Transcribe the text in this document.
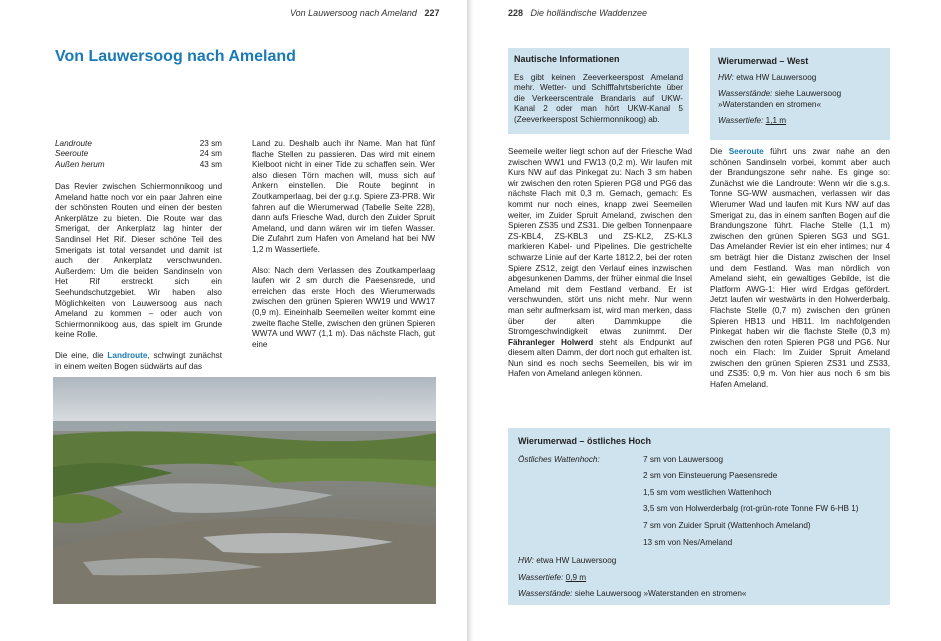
Von Lauwersoog nach Ameland 227
Von Lauwersoog nach Ameland
Landroute	23 sm
Seeroute	24 sm
Außen herum	43 sm

Das Revier zwischen Schiermonnikoog und Ameland hatte noch vor ein paar Jahren eine der schönsten Routen und einen der besten Ankerplätze zu bieten. Die Route war das Smerigat, der Ankerplatz lag hinter der Sandinsel Het Rif. Dieser schöne Teil des Smerigats ist total versandet und damit ist auch der Ankerplatz verschwunden. Außerdem: Um die beiden Sandinseln von Het Rif erstreckt sich ein Seehundschutzgebiet. Wir haben also Möglichkeiten von Lauwersoog aus nach Ameland zu kommen – oder auch von Schiermonnikoog aus, das spielt im Grunde keine Rolle.

Die eine, die Landroute, schwingt zunächst in einem weiten Bogen südwärts auf das

Land zu. Deshalb auch ihr Name. Man hat fünf flache Stellen zu passieren. Das wird mit einem Kielboot nicht in einer Tide zu schaffen sein. Wer also diesen Törn machen will, muss sich auf Ankern einstellen. Die Route beginnt in Zoutkamperlaag, bei der g.r.g. Spiere Z3-PR8. Wir fahren auf die Wierumerwad (Tabelle Seite 228), dann aufs Friesche Wad, durch den Zuider Spruit Ameland, und dann wären wir im tiefen Wasser. Die Zufahrt zum Hafen von Ameland hat bei NW 1,2 m Wassertiefe.

Also: Nach dem Verlassen des Zoutkamperlaag laufen wir 2 sm durch die Paesensrede, und erreichen das erste Hoch des Wierumerwads zwischen den grünen Spieren WW19 und WW17 (0,9 m). Eineinhalb Seemeilen weiter kommt eine zweite flache Stelle, zwischen den grünen Spieren WW7A und WW7 (1,1 m). Das nächste Flach, gut eine

228 Die holländische Waddenzee
Nautische Informationen
Es gibt keinen Zeeverkeerspost Ameland mehr. Wetter- und Schifffahrtsberichte über die Verkeerscentrale Brandaris auf UKW-Kanal 2 oder man hört UKW-Kanal 5 (Zeeverkeerspost Schiermonnikoog) ab.
Wierumerwad – West
HW: etwa HW Lauwersoog
Wasserstände: siehe Lauwersoog »Waterstanden en stromen«
Wassertiefe: 1,1 m
Seemeile weiter liegt schon auf der Friesche Wad zwischen WW1 und FW13 (0,2 m). Wir laufen mit Kurs NW auf das Pinkegat zu: Nach 3 sm haben wir zwischen den roten Spieren PG8 und PG6 das nächste Flach mit 0,3 m. Gemach, gemach: Es kommt nur noch eines, knapp zwei Seemeilen weiter, im Zuider Spruit Ameland, zwischen den Spieren ZS35 und ZS31. Die gelben Tonnenpaare ZS-KBL4, ZS-KBL3 und ZS-KL2, ZS-KL3 markieren Kabel- und Pipelines. Die gestrichelte schwarze Linie auf der Karte 1812.2, bei der roten Spiere ZS12, zeigt den Verlauf eines inzwischen abgesunkenen Damms, der früher einmal die Insel Ameland mit dem Festland verband. Er ist verschwunden, stört uns nicht mehr. Nur wenn man sehr aufmerksam ist, wird man merken, dass über der alten Dammkuppe die Stromgeschwindigkeit etwas zunimmt. Der Fähranleger Holwerd steht als Endpunkt auf diesem alten Damm, der dort noch gut erhalten ist. Nun sind es noch sechs Seemeilen, bis wir im Hafen von Ameland anlegen können.
Die Seeroute führt uns zwar nahe an den schönen Sandinseln vorbei, kommt aber auch der Brandungszone sehr nahe. Es ginge so: Zunächst wie die Landroute: Wenn wir die s.g.s. Tonne SG-WW ausmachen, verlassen wir das Wierumer Wad und laufen mit Kurs NW auf das Smerigat zu, das in einem sanften Bogen auf die Brandungszone führt. Flache Stelle (1,1 m) zwischen den grünen Spieren SG3 und SG1. Das Amelander Revier ist ein eher intimes; nur 4 sm beträgt hier die Distanz zwischen der Insel und dem Festland. Was man nördlich von Ameland sieht, ein gewaltiges Gebilde, ist die Platform AWG-1: Hier wird Erdgas gefördert. Jetzt laufen wir westwärts in den Holwerderbalg. Flachste Stelle (0,7 m) zwischen den grünen Spieren HB13 und HB11. Im nachfolgenden Pinkegat haben wir die flachste Stelle (0,3 m) zwischen den roten Spieren PG8 und PG6. Nur noch ein Flach: Im Zuider Spruit Ameland zwischen den grünen Spieren ZS31 und ZS33, und ZS35: 0,9 m. Von hier aus noch 6 sm bis Hafen Ameland.
Wierumerwad – östliches Hoch
Östliches Wattenhoch:	7 sm von Lauwersoog
2 sm von Einsteuerung Paesensrede
1,5 sm vom westlichen Wattenhoch
3,5 sm von Holwerderbalg (rot-grün-rote Tonne FW 6-HB 1)
7 sm von Zuider Spruit (Wattenhoch Ameland)
13 sm von Nes/Ameland
HW: etwa HW Lauwersoog
Wassertiefe: 0,9 m
Wasserstände: siehe Lauwersoog »Waterstanden en stromen«
